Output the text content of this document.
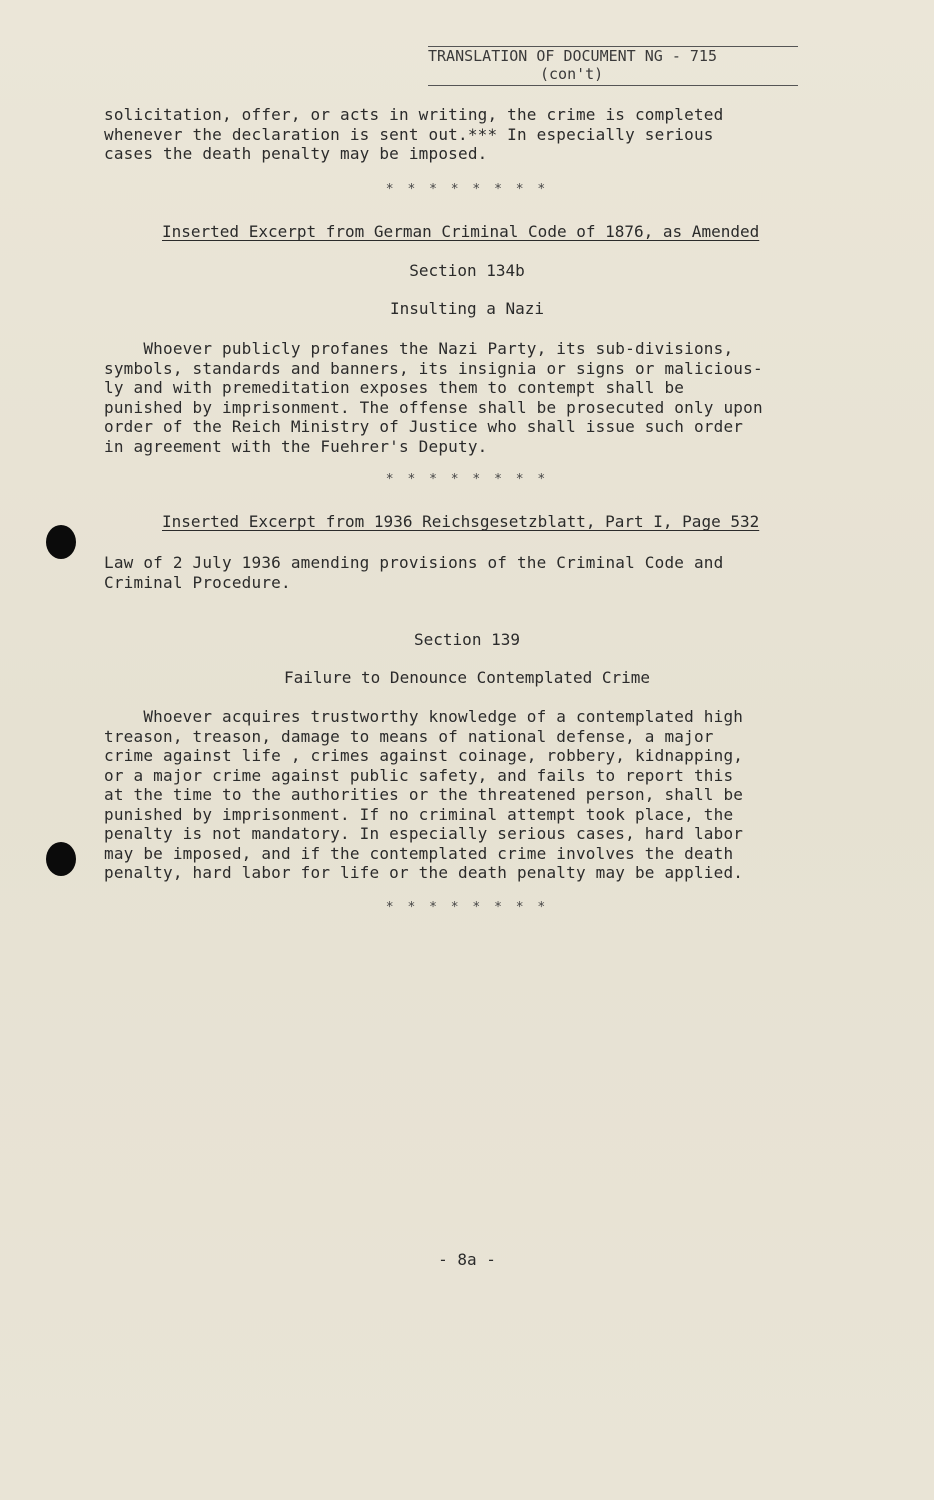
TRANSLATION OF DOCUMENT NG - 715
(con't)
solicitation, offer, or acts in writing, the crime is completed
whenever the declaration is sent out.*** In especially serious
cases the death penalty may be imposed.
* * * * * * * *
Inserted Excerpt from German Criminal Code of 1876, as Amended
Section 134b
Insulting a Nazi
Whoever publicly profanes the Nazi Party, its sub-divisions,
symbols, standards and banners, its insignia or signs or malicious-
ly and with premeditation exposes them to contempt shall be
punished by imprisonment. The offense shall be prosecuted only upon
order of the Reich Ministry of Justice who shall issue such order
in agreement with the Fuehrer's Deputy.
* * * * * * * *
Inserted Excerpt from 1936 Reichsgesetzblatt, Part I, Page 532
Law of 2 July 1936 amending provisions of the Criminal Code and
Criminal Procedure.
Section 139
Failure to Denounce Contemplated Crime
Whoever acquires trustworthy knowledge of a contemplated high
treason, treason, damage to means of national defense, a major
crime against life , crimes against coinage, robbery, kidnapping,
or a major crime against public safety, and fails to report this
at the time to the authorities or the threatened person, shall be
punished by imprisonment. If no criminal attempt took place, the
penalty is not mandatory. In especially serious cases, hard labor
may be imposed, and if the contemplated crime involves the death
penalty, hard labor for life or the death penalty may be applied.
* * * * * * * *
- 8a -
